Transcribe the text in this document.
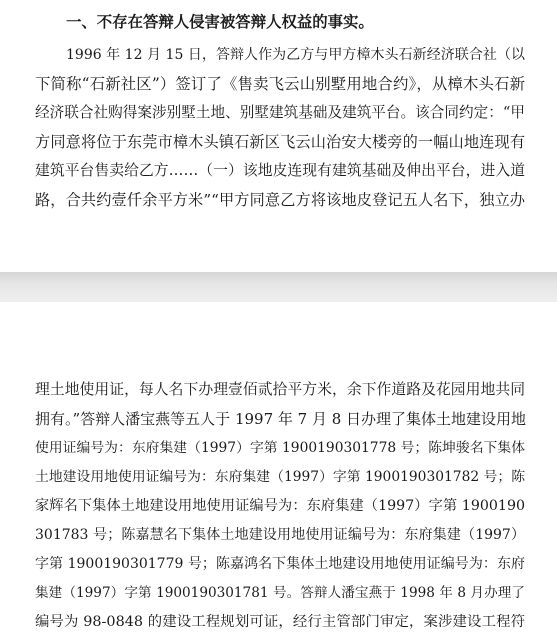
一、不存在答辩人侵害被答辩人权益的事实。
1996 年 12 月 15 日，答辩人作为乙方与甲方樟木头石新经济联合社（以
下简称“石新社区”）签订了《售卖飞云山别墅用地合约》，从樟木头石新
经济联合社购得案涉别墅土地、别墅建筑基础及建筑平台。该合同约定：“甲
方同意将位于东莞市樟木头镇石新区飞云山治安大楼旁的一幅山地连现有
建筑平台售卖给乙方……（一）该地皮连现有建筑基础及伸出平台，进入道
路，合共约壹仟余平方米”“甲方同意乙方将该地皮登记五人名下，独立办
理土地使用证，每人名下办理壹佰贰拾平方米，余下作道路及花园用地共同
拥有。”答辩人潘宝燕等五人于 1997 年 7 月 8 日办理了集体土地建设用地
使用证编号为：东府集建（1997）字第 1900190301778 号；陈坤骏名下集体
土地建设用地使用证编号为：东府集建（1997）字第 1900190301782 号；陈
家辉名下集体土地建设用地使用证编号为：东府集建（1997）字第 1900190
301783 号；陈嘉慧名下集体土地建设用地使用证编号为：东府集建（1997）
字第 1900190301779 号；陈嘉鸿名下集体土地建设用地使用证编号为：东府
集建（1997）字第 1900190301781 号。答辩人潘宝燕于 1998 年 8 月办理了
编号为 98-0848 的建设工程规划可证，经行主管部门审定，案涉建设工程符
